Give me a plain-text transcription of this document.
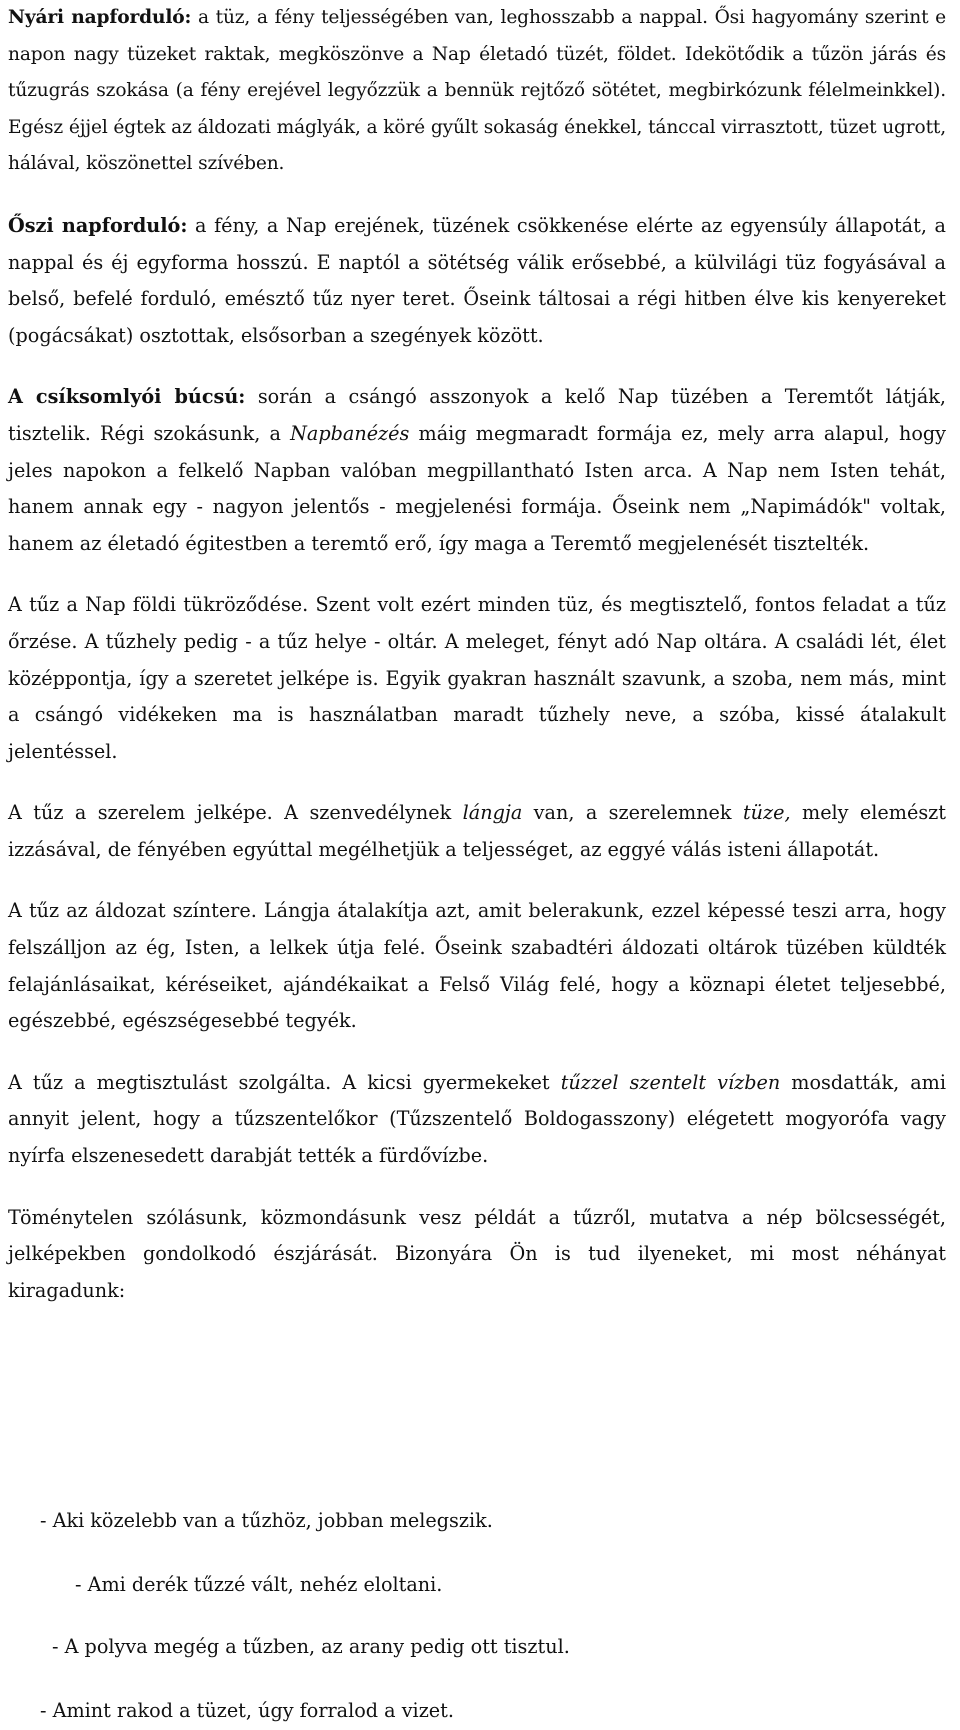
Nyári napforduló: a tüz, a fény teljességében van, leghosszabb a nappal. Ősi hagyomány szerint e napon nagy tüzeket raktak, megköszönve a Nap életadó tüzét, földet. Idekötődik a tűzön járás és tűzugrás szokása (a fény erejével legyőzzük a bennük rejtőző sötétet, megbirkózunk félelmeinkkel). Egész éjjel égtek az áldozati máglyák, a köré gyűlt sokaság énekkel, tánccal virrasztott, tüzet ugrott, hálával, köszönettel szívében.

Őszi napforduló: a fény, a Nap erejének, tüzének csökkenése elérte az egyensúly állapotát, a nappal és éj egyforma hosszú. E naptól a sötétség válik erősebbé, a külvilági tüz fogyásával a belső, befelé forduló, emésztő tűz nyer teret. Őseink táltosai a régi hitben élve kis kenyereket (pogácsákat) osztottak, elsősorban a szegények között.

A csíksomlyói búcsú: során a csángó asszonyok a kelő Nap tüzében a Teremtőt látják, tisztelik. Régi szokásunk, a Napbanézés máig megmaradt formája ez, mely arra alapul, hogy jeles napokon a felkelő Napban valóban megpillantható Isten arca. A Nap nem Isten tehát, hanem annak egy - nagyon jelentős - megjelenési formája. Őseink nem „Napimádók" voltak, hanem az életadó égitestben a teremtő erő, így maga a Teremtő megjelenését tisztelték.

A tűz a Nap földi tükröződése. Szent volt ezért minden tüz, és megtisztelő, fontos feladat a tűz őrzése. A tűzhely pedig - a tűz helye - oltár. A meleget, fényt adó Nap oltára. A családi lét, élet középpontja, így a szeretet jelképe is. Egyik gyakran használt szavunk, a szoba, nem más, mint a csángó vidékeken ma is használatban maradt tűzhely neve, a szóba, kissé átalakult jelentéssel.

A tűz a szerelem jelképe. A szenvedélynek lángja van, a szerelemnek tüze, mely elemészt izzásával, de fényében egyúttal megélhetjük a teljességet, az eggyé válás isteni állapotát.

A tűz az áldozat színtere. Lángja átalakítja azt, amit belerakunk, ezzel képessé teszi arra, hogy felszálljon az ég, Isten, a lelkek útja felé. Őseink szabadtéri áldozati oltárok tüzében küldték felajánlásaikat, kéréseiket, ajándékaikat a Felső Világ felé, hogy a köznapi életet teljesebbé, egészebbé, egészségesebbé tegyék.

A tűz a megtisztulást szolgálta. A kicsi gyermekeket tűzzel szentelt vízben mosdatták, ami annyit jelent, hogy a tűzszentelőkor (Tűzszentelő Boldogasszony) elégetett mogyorófa vagy nyírfa elszenesedett darabját tették a fürdővízbe.

Töménytelen szólásunk, közmondásunk vesz példát a tűzről, mutatva a nép bölcsességét, jelképekben gondolkodó észjárását. Bizonyára Ön is tud ilyeneket, mi most néhányat kiragadunk:

- Aki közelebb van a tűzhöz, jobban melegszik.
- Ami derék tűzzé vált, nehéz eloltani.
- A polyva megég a tűzben, az arany pedig ott tisztul.
- Amint rakod a tüzet, úgy forralod a vizet.
